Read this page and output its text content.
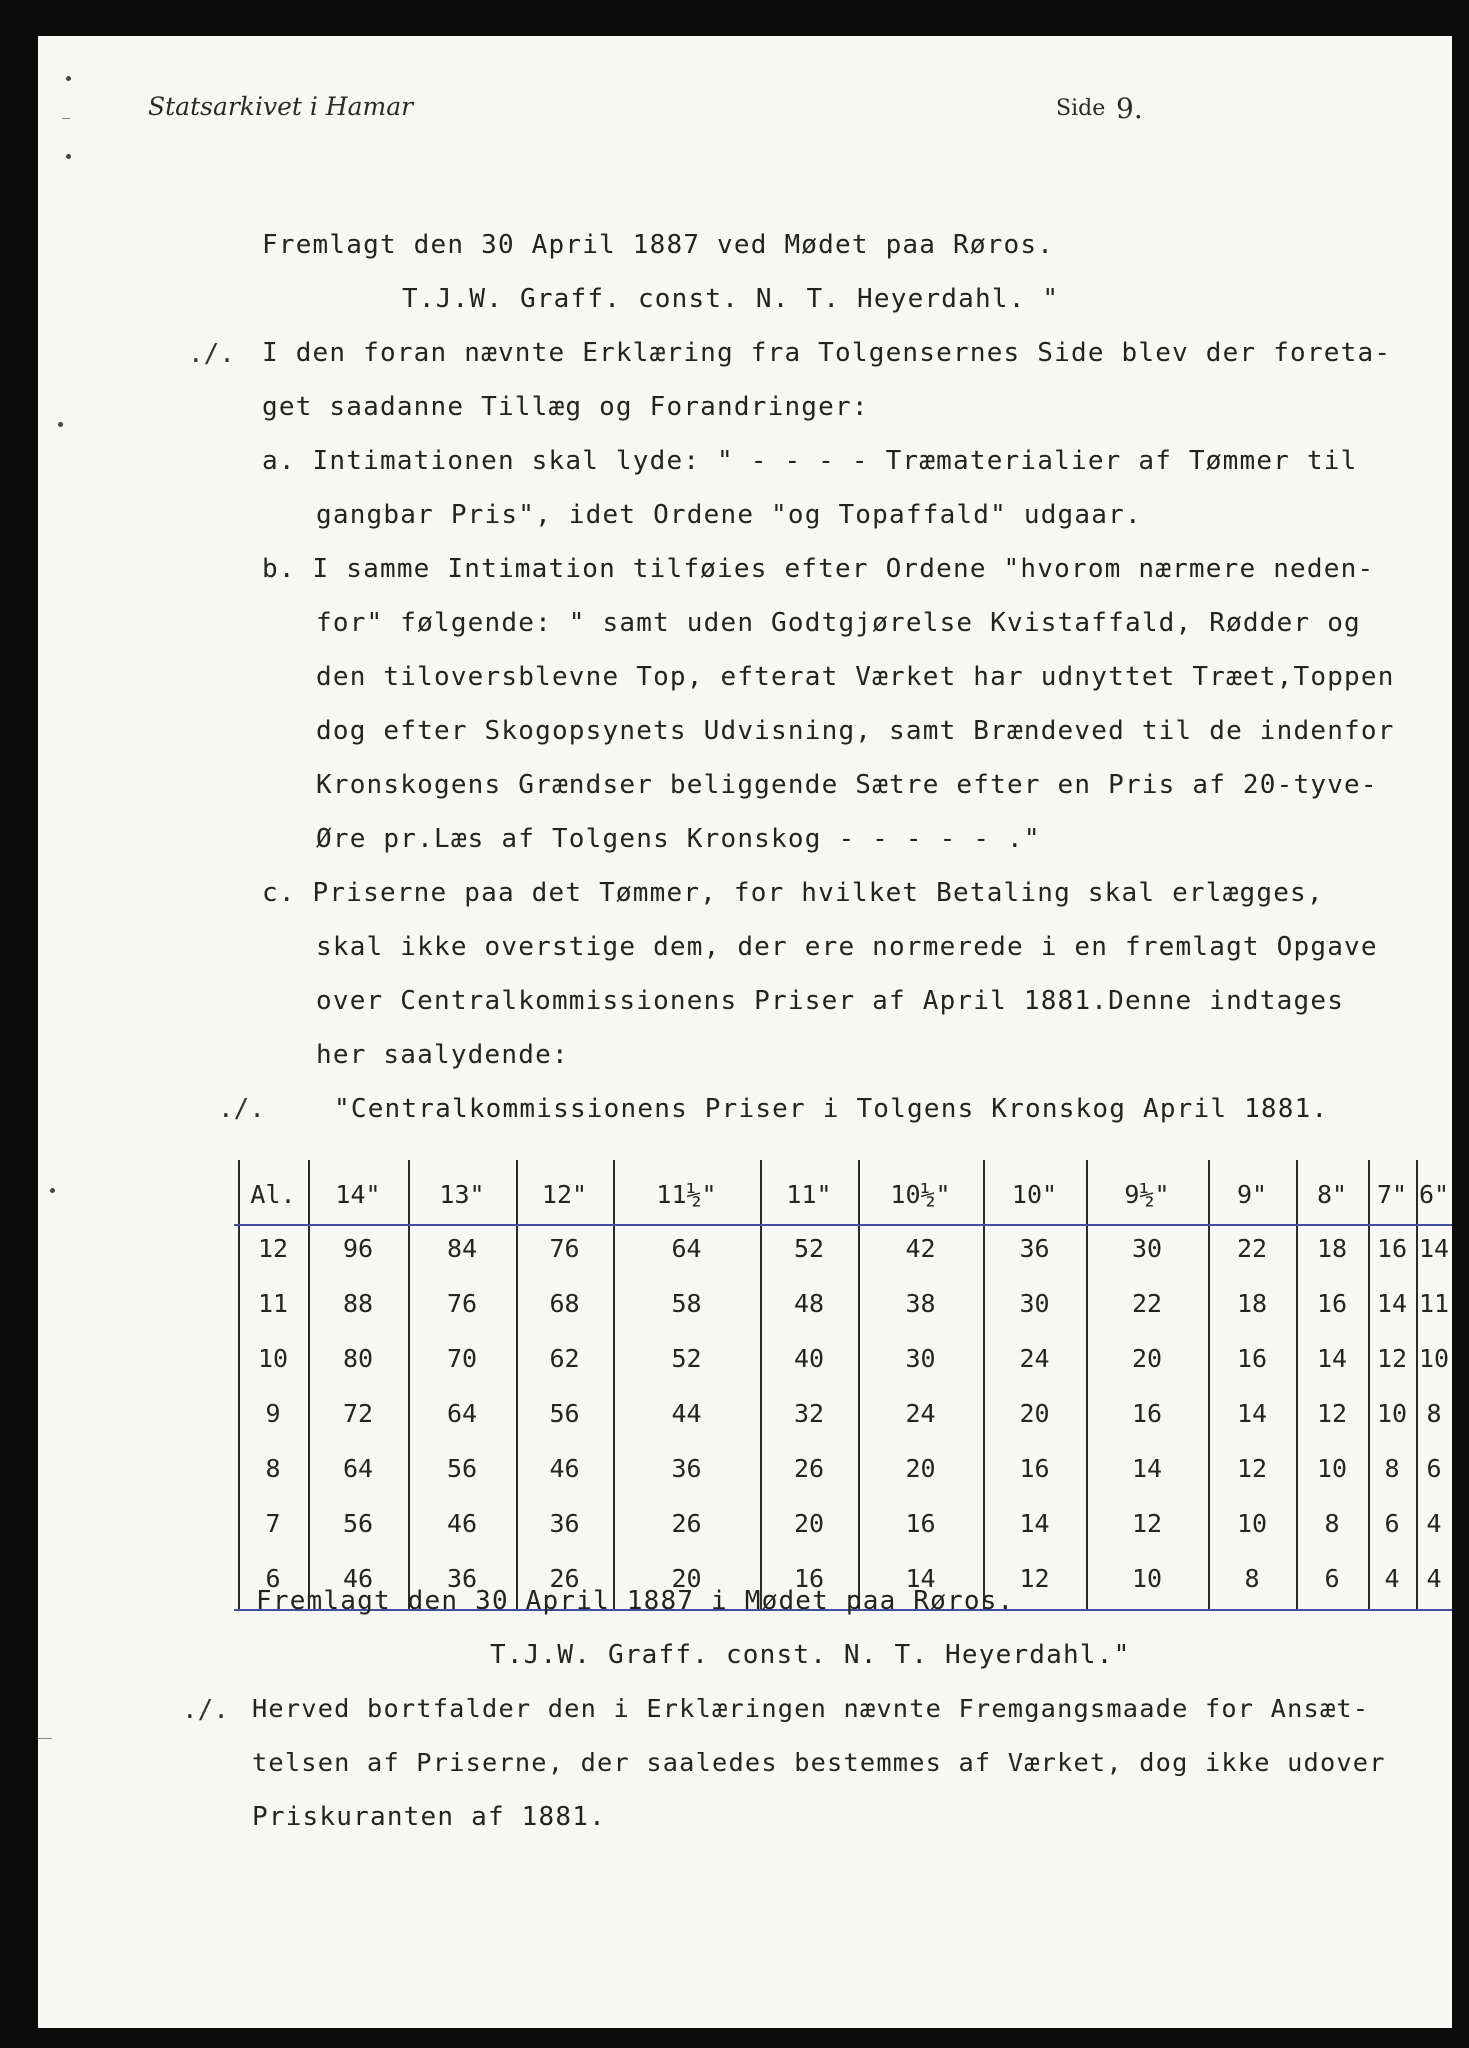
Statsarkivet i Hamar	Side 9.
Fremlagt den 30 April 1887 ved Mødet paa Røros.
T.J.W. Graff. const. N. T. Heyerdahl. "
./. I den foran nævnte Erklæring fra Tolgensernes Side blev der foreta-
get saadanne Tillæg og Forandringer:
a. Intimationen skal lyde: " - - - - Træmaterialier af Tømmer til
gangbar Pris", idet Ordene "og Topaffald" udgaar.
b. I samme Intimation tilføies efter Ordene "hvorom nærmere neden-
for" følgende: " samt uden Godtgjørelse Kvistaffald, Rødder og
den tiloversblevne Top, efterat Værket har udnyttet Træet,Toppen
dog efter Skogopsynets Udvisning, samt Brændeved til de indenfor
Kronskogens Grændser beliggende Sætre efter en Pris af 20-tyve-
Øre pr.Læs af Tolgens Kronskog - - - - - ."
c. Priserne paa det Tømmer, for hvilket Betaling skal erlægges,
skal ikke overstige dem, der ere normerede i en fremlagt Opgave
over Centralkommissionens Priser af April 1881.Denne indtages
her saalydende:
./.	"Centralkommissionens Priser i Tolgens Kronskog April 1881.
Al.	14"	13"	12"	11½"	11"	10½"	10"	9½"	9"	8"	7" 6"
12	96	84	76	64	52	42	36	30	22	18	16 14
11	88	76	68	58	48	38	30	22	18	16	14 11
10	80	70	62	52	40	30	24	20	16	14	12 10
9	72	64	56	44	32	24	20	16	14	12	10 8
8	64	56	46	36	26	20	16	14	12	10	8	6
7	56	46	36	26	20	16	14	12	10	8	6	4
6	46	36	26	20	16	14	12	10	8	6	4	4
Fremlagt den 30 April 1887 i Mødet paa Røros.
T.J.W. Graff. const. N. T. Heyerdahl."
./. Herved bortfalder den i Erklæringen nævnte Fremgangsmaade for Ansæt-
telsen af Priserne, der saaledes bestemmes af Værket, dog ikke udover
Priskuranten af 1881.
